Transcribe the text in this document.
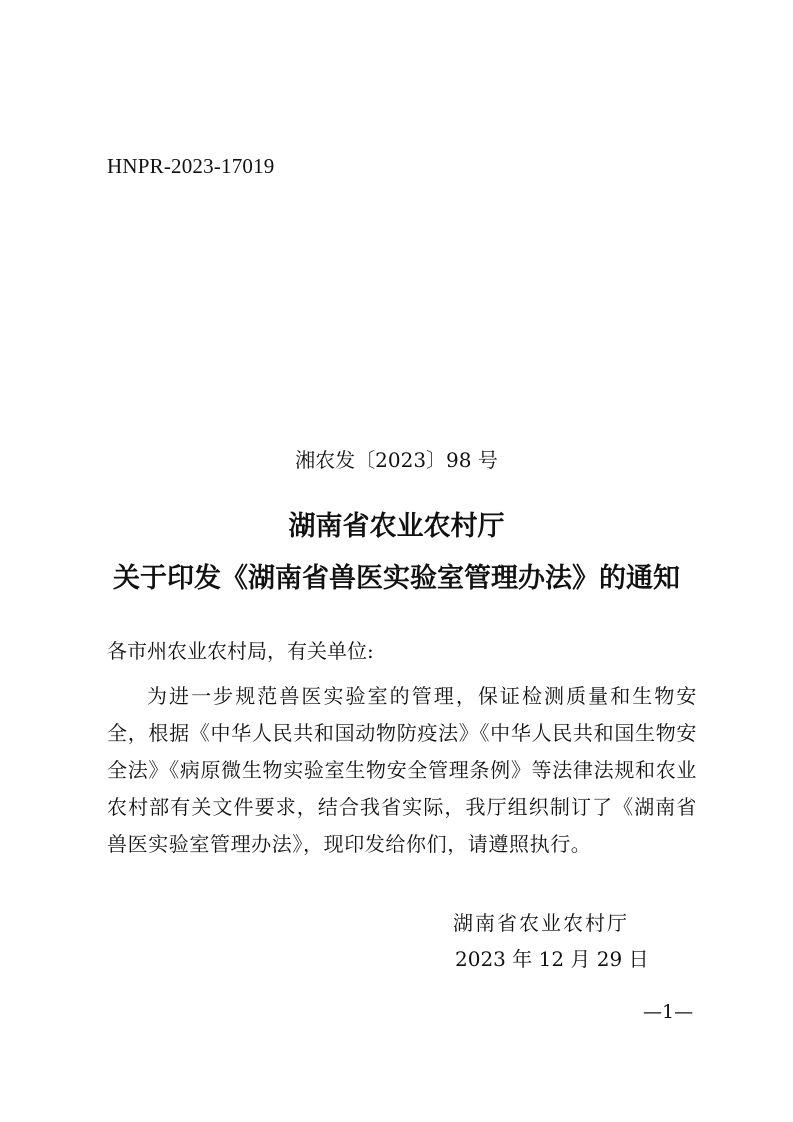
HNPR-2023-17019
湘农发〔2023〕98 号
湖南省农业农村厅
关于印发《湖南省兽医实验室管理办法》的通知
各市州农业农村局，有关单位:

为进一步规范兽医实验室的管理，保证检测质量和生物安全，根据《中华人民共和国动物防疫法》《中华人民共和国生物安全法》《病原微生物实验室生物安全管理条例》等法律法规和农业农村部有关文件要求，结合我省实际，我厅组织制订了《湖南省兽医实验室管理办法》，现印发给你们，请遵照执行。

湖南省农业农村厅
2023 年 12 月 29 日
—1—
